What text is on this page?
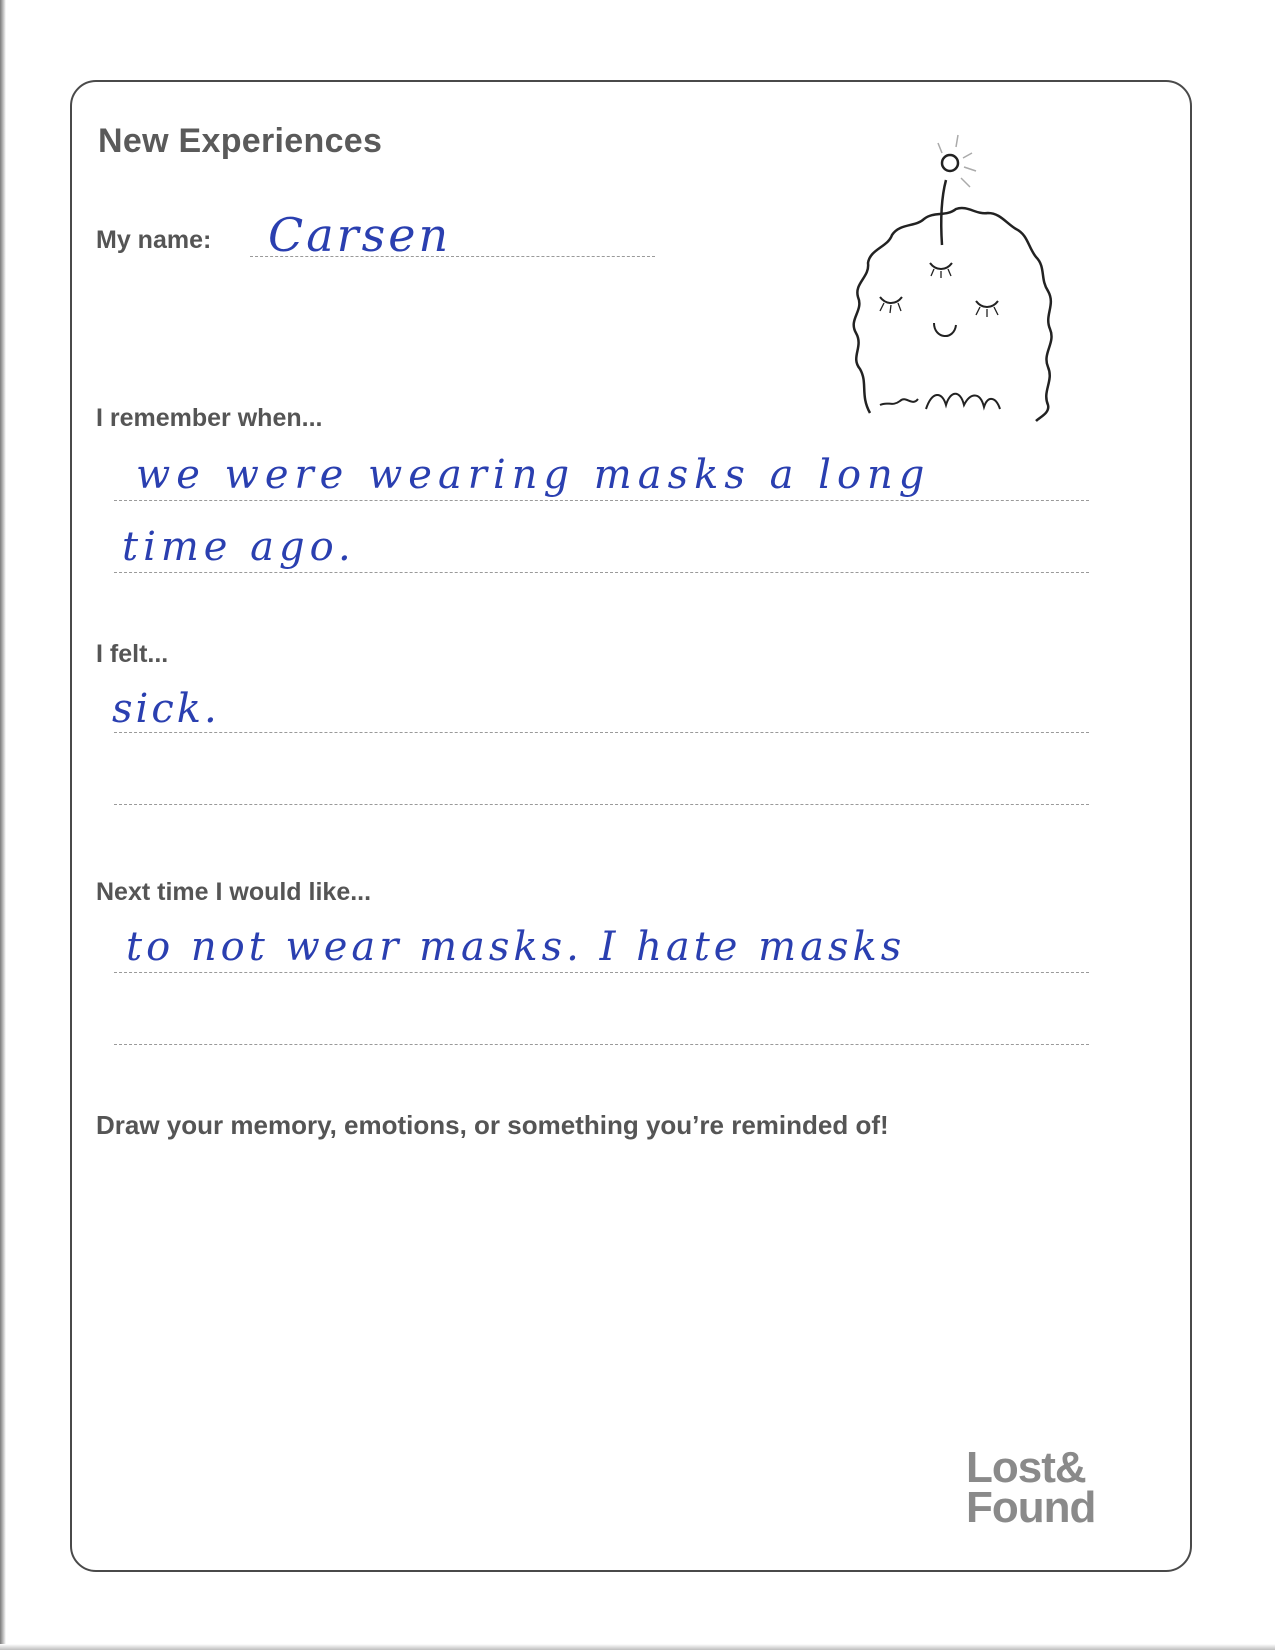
New Experiences
My name: Carsen
I remember when...
we were wearing masks a long
time ago.
I felt...
sick.
Next time I would like...
to not wear masks. I hate masks
Draw your memory, emotions, or something you’re reminded of!
Lost&
Found
